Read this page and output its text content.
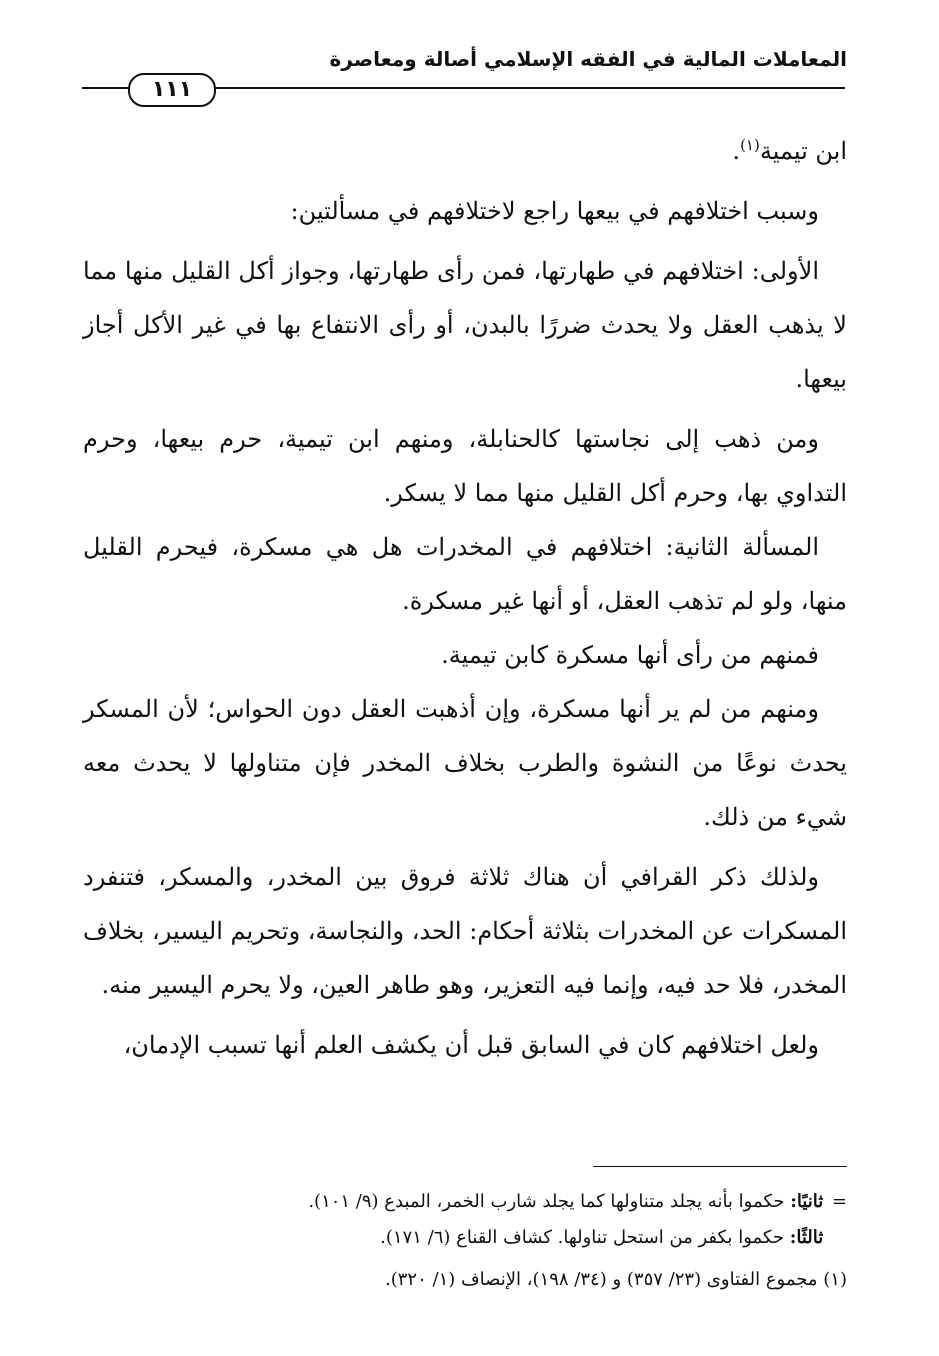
المعاملات المالية في الفقه الإسلامي أصالة ومعاصرة
١١١

ابن تيمية$^{(١)}$.

وسبب اختلافهم في بيعها راجع لاختلافهم في مسألتين:

الأولى: اختلافهم في طهارتها، فمن رأى طهارتها، وجواز أكل القليل منها مما لا يذهب العقل ولا يحدث ضررًا بالبدن، أو رأى الانتفاع بها في غير الأكل أجاز بيعها.

ومن ذهب إلى نجاستها كالحنابلة، ومنهم ابن تيمية، حرم بيعها، وحرم التداوي بها، وحرم أكل القليل منها مما لا يسكر.

المسألة الثانية: اختلافهم في المخدرات هل هي مسكرة، فيحرم القليل منها، ولو لم تذهب العقل، أو أنها غير مسكرة.

فمنهم من رأى أنها مسكرة كابن تيمية.

ومنهم من لم ير أنها مسكرة، وإن أذهبت العقل دون الحواس؛ لأن المسكر يحدث نوعًا من النشوة والطرب بخلاف المخدر فإن متناولها لا يحدث معه شيء من ذلك.

ولذلك ذكر القرافي أن هناك ثلاثة فروق بين المخدر، والمسكر، فتنفرد المسكرات عن المخدرات بثلاثة أحكام: الحد، والنجاسة، وتحريم اليسير، بخلاف المخدر، فلا حد فيه، وإنما فيه التعزير، وهو طاهر العين، ولا يحرم اليسير منه.

ولعل اختلافهم كان في السابق قبل أن يكشف العلم أنها تسبب الإدمان،

= ثانيًا: حكموا بأنه يجلد متناولها كما يجلد شارب الخمر، المبدع (٩/ ١٠١).

ثالثًا: حكموا بكفر من استحل تناولها. كشاف القناع (٦/ ١٧١).

(١) مجموع الفتاوى (٢٣/ ٣٥٧) و (٣٤/ ١٩٨)، الإنصاف (١/ ٣٢٠).
